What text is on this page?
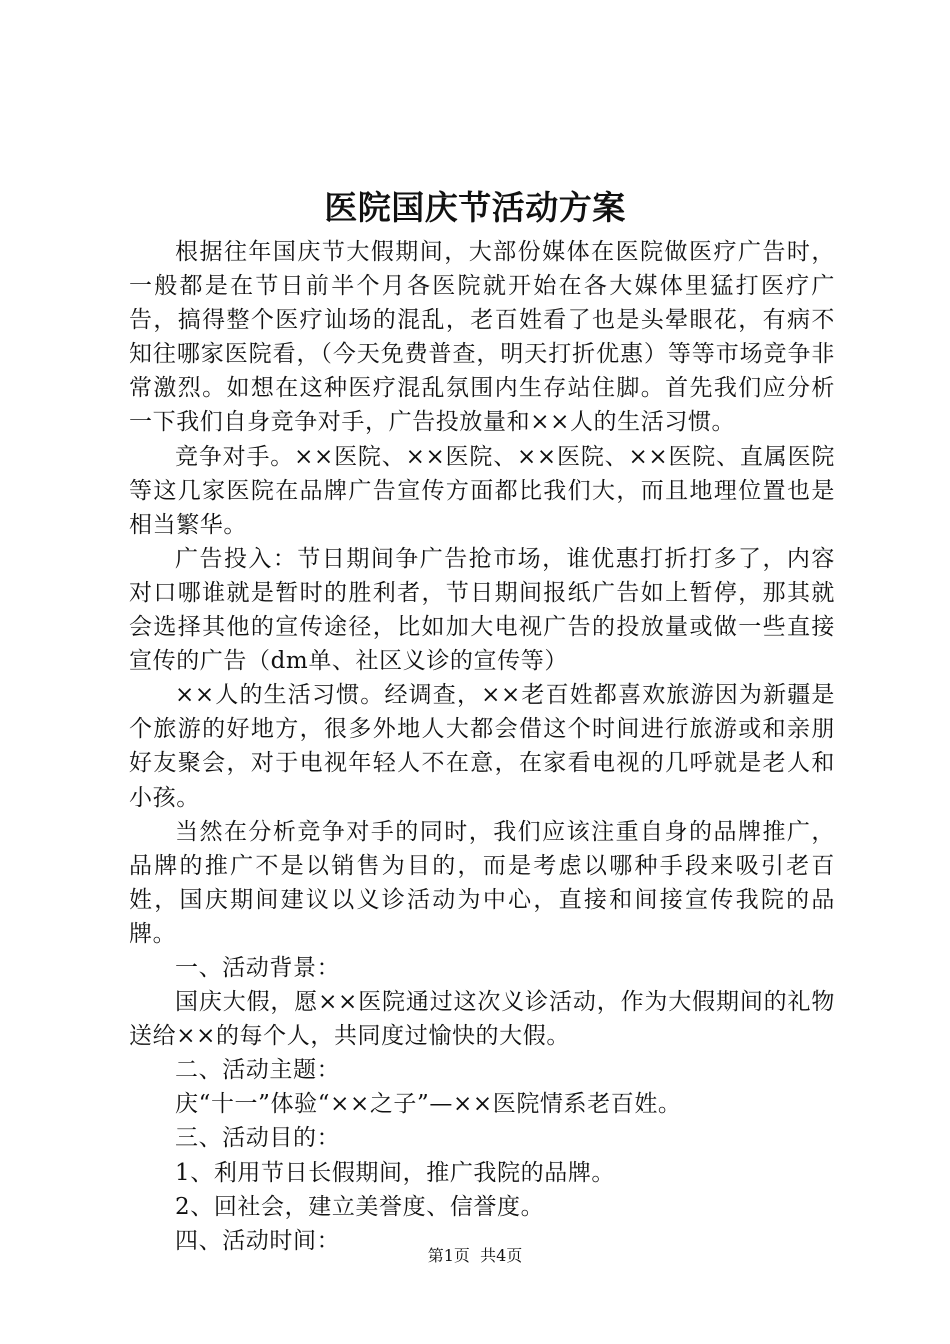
医院国庆节活动方案

根据往年国庆节大假期间，大部份媒体在医院做医疗广告时，一般都是在节日前半个月各医院就开始在各大媒体里猛打医疗广告，搞得整个医疗讪场的混乱，老百姓看了也是头晕眼花，有病不知往哪家医院看，（今天免费普查，明天打折优惠）等等市场竞争非常激烈。如想在这种医疗混乱氛围内生存站住脚。首先我们应分析一下我们自身竞争对手，广告投放量和××人的生活习惯。

竞争对手。××医院、××医院、××医院、××医院、直属医院等这几家医院在品牌广告宣传方面都比我们大，而且地理位置也是相当繁华。

广告投入：节日期间争广告抢市场，谁优惠打折打多了，内容对口哪谁就是暂时的胜利者，节日期间报纸广告如上暂停，那其就会选择其他的宣传途径，比如加大电视广告的投放量或做一些直接宣传的广告（dm单、社区义诊的宣传等）

××人的生活习惯。经调查，××老百姓都喜欢旅游因为新疆是个旅游的好地方，很多外地人大都会借这个时间进行旅游或和亲朋好友聚会，对于电视年轻人不在意，在家看电视的几呼就是老人和小孩。

当然在分析竞争对手的同时，我们应该注重自身的品牌推广，品牌的推广不是以销售为目的，而是考虑以哪种手段来吸引老百姓，国庆期间建议以义诊活动为中心，直接和间接宣传我院的品牌。

一、活动背景：

国庆大假，愿××医院通过这次义诊活动，作为大假期间的礼物送给××的每个人，共同度过愉快的大假。

二、活动主题：

庆“十一”体验“××之子”—××医院情系老百姓。

三、活动目的：

1、利用节日长假期间，推广我院的品牌。

2、回社会，建立美誉度、信誉度。

四、活动时间：

第1页 共4页
